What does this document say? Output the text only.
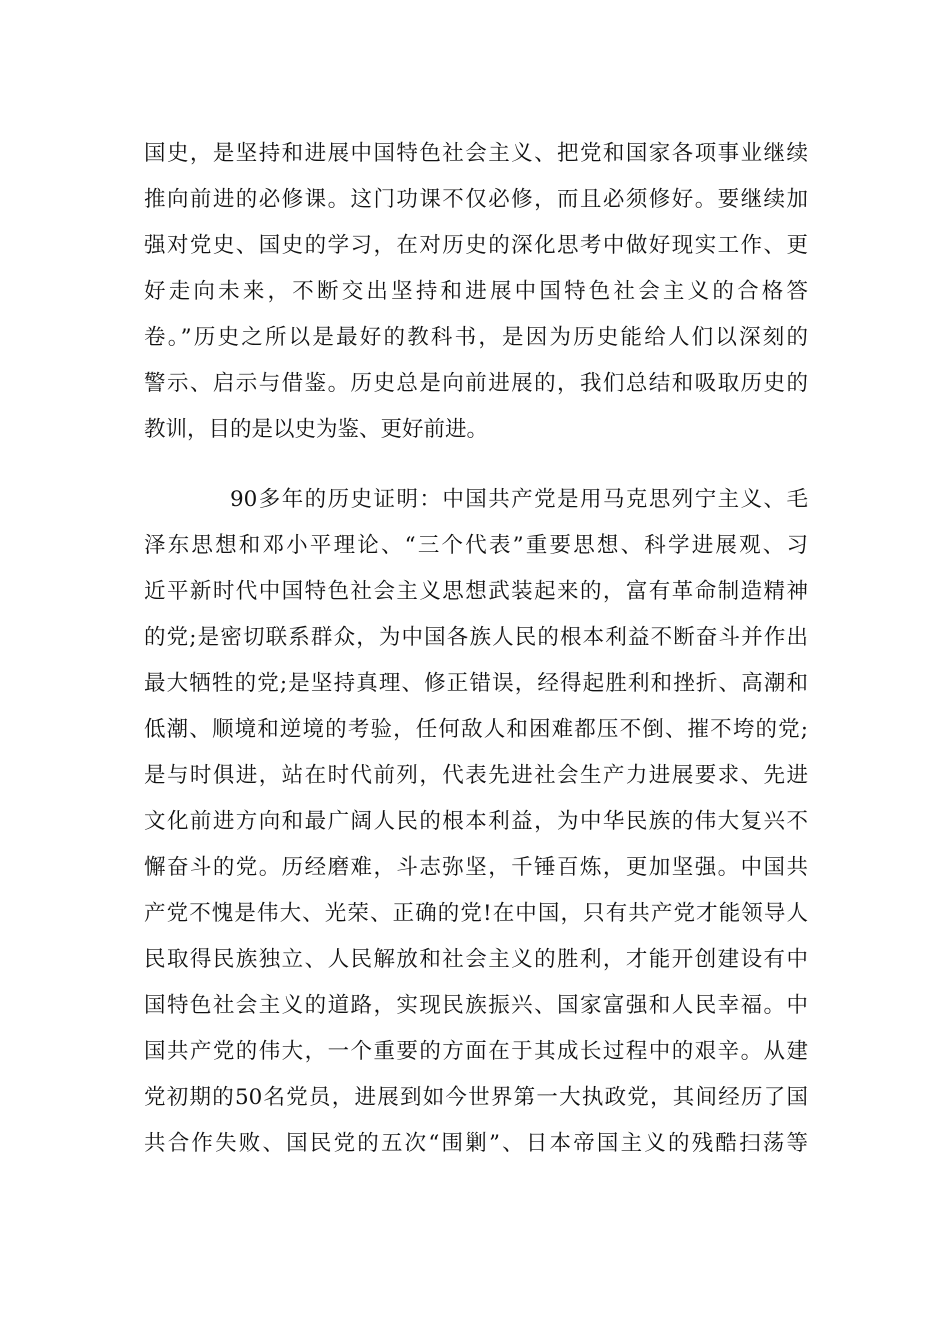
国史，是坚持和进展中国特色社会主义、把党和国家各项事业继续
推向前进的必修课。这门功课不仅必修，而且必须修好。要继续加
强对党史、国史的学习，在对历史的深化思考中做好现实工作、更
好走向未来，不断交出坚持和进展中国特色社会主义的合格答
卷。”历史之所以是最好的教科书，是因为历史能给人们以深刻的
警示、启示与借鉴。历史总是向前进展的，我们总结和吸取历史的
教训，目的是以史为鉴、更好前进。
90多年的历史证明：中国共产党是用马克思列宁主义、毛
泽东思想和邓小平理论、“三个代表”重要思想、科学进展观、习
近平新时代中国特色社会主义思想武装起来的，富有革命制造精神
的党;是密切联系群众，为中国各族人民的根本利益不断奋斗并作出
最大牺牲的党;是坚持真理、修正错误，经得起胜利和挫折、高潮和
低潮、顺境和逆境的考验，任何敌人和困难都压不倒、摧不垮的党;
是与时俱进，站在时代前列，代表先进社会生产力进展要求、先进
文化前进方向和最广阔人民的根本利益，为中华民族的伟大复兴不
懈奋斗的党。历经磨难，斗志弥坚，千锤百炼，更加坚强。中国共
产党不愧是伟大、光荣、正确的党!在中国，只有共产党才能领导人
民取得民族独立、人民解放和社会主义的胜利，才能开创建设有中
国特色社会主义的道路，实现民族振兴、国家富强和人民幸福。中
国共产党的伟大，一个重要的方面在于其成长过程中的艰辛。从建
党初期的50名党员，进展到如今世界第一大执政党，其间经历了国
共合作失败、国民党的五次“围剿”、日本帝国主义的残酷扫荡等
